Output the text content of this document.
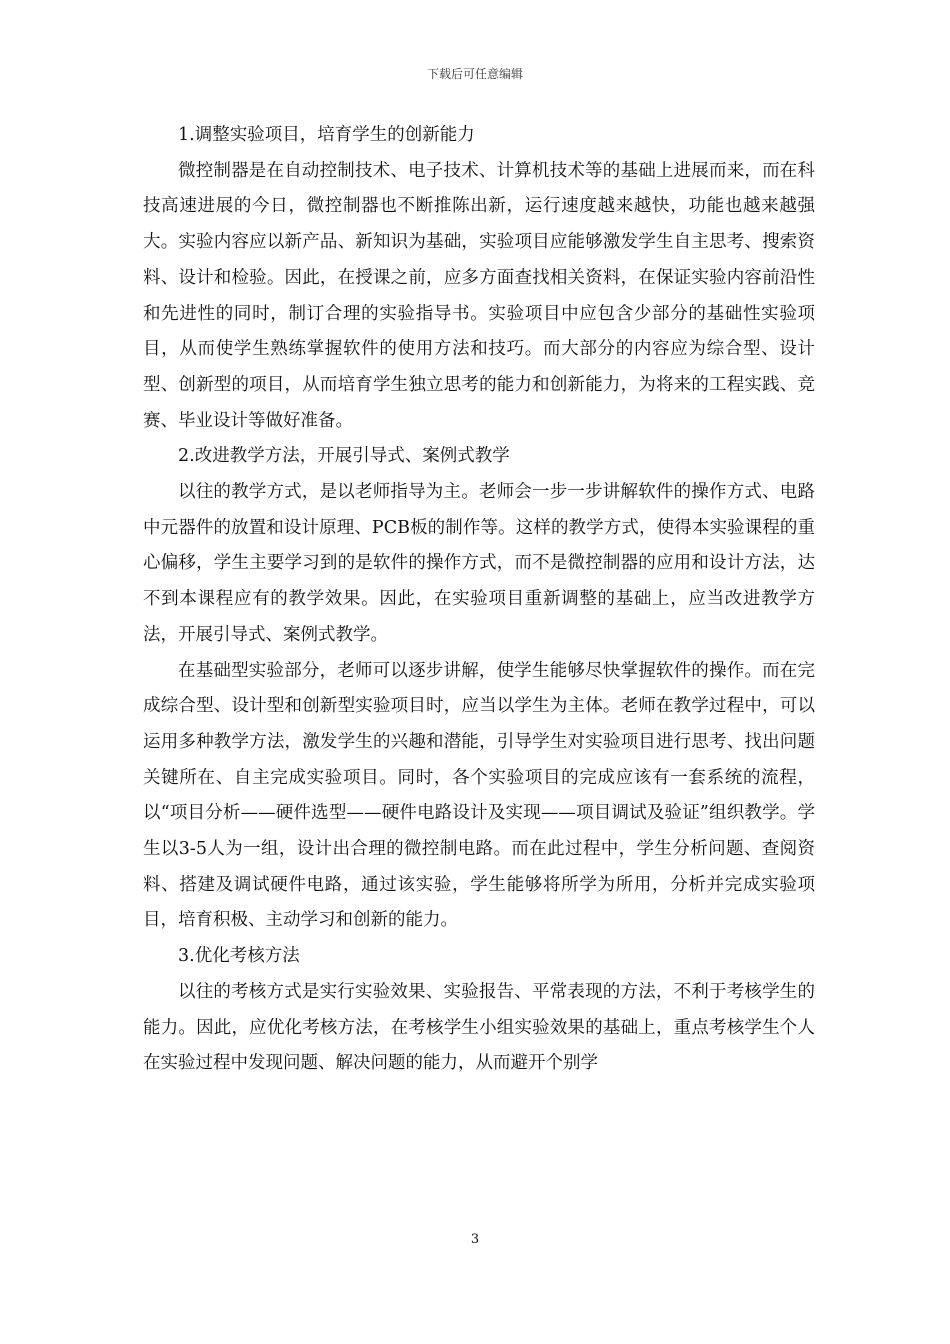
下载后可任意编辑

1.调整实验项目，培育学生的创新能力

微控制器是在自动控制技术、电子技术、计算机技术等的基础上进展而来，而在科技高速进展的今日，微控制器也不断推陈出新，运行速度越来越快，功能也越来越强大。实验内容应以新产品、新知识为基础，实验项目应能够激发学生自主思考、搜索资料、设计和检验。因此，在授课之前，应多方面查找相关资料，在保证实验内容前沿性和先进性的同时，制订合理的实验指导书。实验项目中应包含少部分的基础性实验项目，从而使学生熟练掌握软件的使用方法和技巧。而大部分的内容应为综合型、设计型、创新型的项目，从而培育学生独立思考的能力和创新能力，为将来的工程实践、竞赛、毕业设计等做好准备。

2.改进教学方法，开展引导式、案例式教学

以往的教学方式，是以老师指导为主。老师会一步一步讲解软件的操作方式、电路中元器件的放置和设计原理、PCB板的制作等。这样的教学方式，使得本实验课程的重心偏移，学生主要学习到的是软件的操作方式，而不是微控制器的应用和设计方法，达不到本课程应有的教学效果。因此，在实验项目重新调整的基础上，应当改进教学方法，开展引导式、案例式教学。

在基础型实验部分，老师可以逐步讲解，使学生能够尽快掌握软件的操作。而在完成综合型、设计型和创新型实验项目时，应当以学生为主体。老师在教学过程中，可以运用多种教学方法，激发学生的兴趣和潜能，引导学生对实验项目进行思考、找出问题关键所在、自主完成实验项目。同时，各个实验项目的完成应该有一套系统的流程，以“项目分析——硬件选型——硬件电路设计及实现——项目调试及验证”组织教学。学生以3-5人为一组，设计出合理的微控制电路。而在此过程中，学生分析问题、查阅资料、搭建及调试硬件电路，通过该实验，学生能够将所学为所用，分析并完成实验项目，培育积极、主动学习和创新的能力。

3.优化考核方法

以往的考核方式是实行实验效果、实验报告、平常表现的方法，不利于考核学生的能力。因此，应优化考核方法，在考核学生小组实验效果的基础上，重点考核学生个人在实验过程中发现问题、解决问题的能力，从而避开个别学

3
